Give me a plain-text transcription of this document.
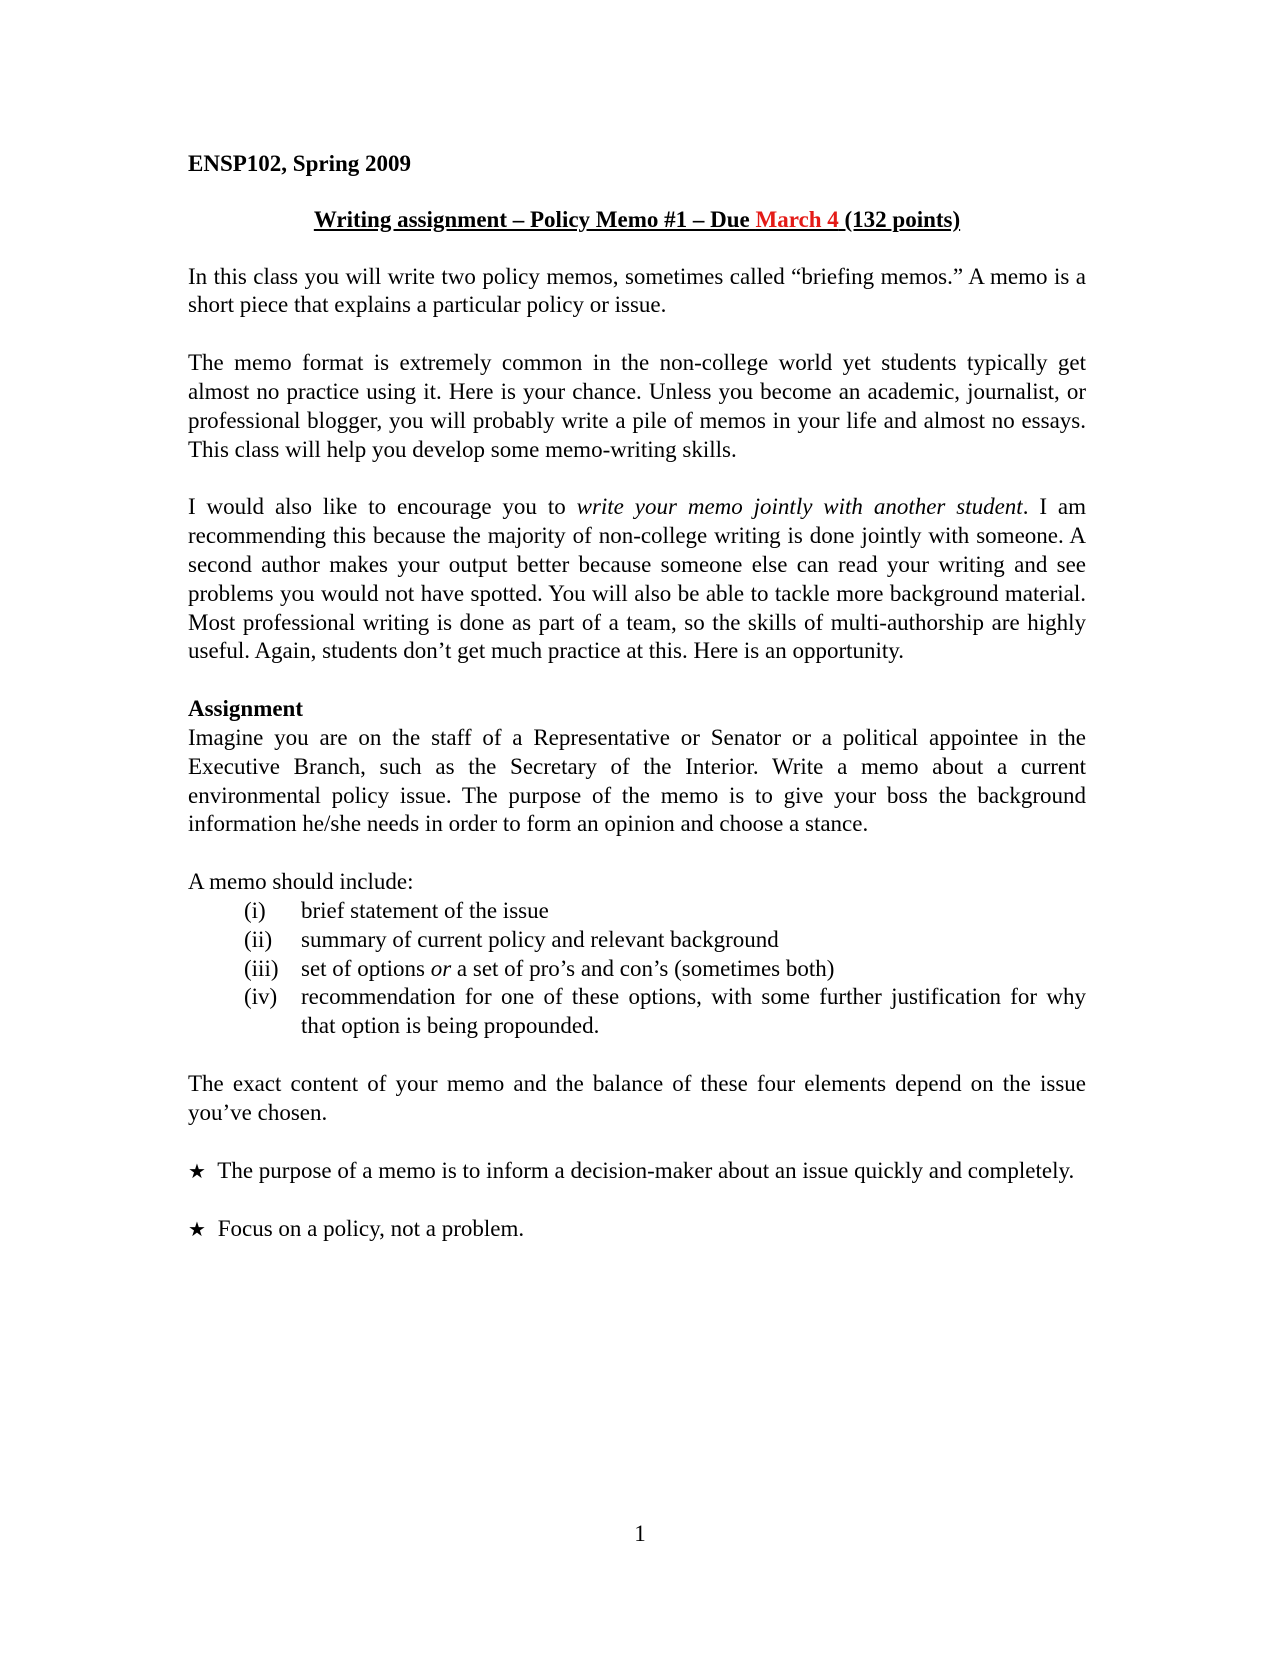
ENSP102, Spring 2009
Writing assignment – Policy Memo #1 – Due March 4 (132 points)

In this class you will write two policy memos, sometimes called “briefing memos.” A memo is a short piece that explains a particular policy or issue.

The memo format is extremely common in the non-college world yet students typically get almost no practice using it. Here is your chance. Unless you become an academic, journalist, or professional blogger, you will probably write a pile of memos in your life and almost no essays. This class will help you develop some memo-writing skills.

I would also like to encourage you to write your memo jointly with another student. I am recommending this because the majority of non-college writing is done jointly with someone. A second author makes your output better because someone else can read your writing and see problems you would not have spotted. You will also be able to tackle more background material. Most professional writing is done as part of a team, so the skills of multi-authorship are highly useful. Again, students don’t get much practice at this. Here is an opportunity.

Assignment

Imagine you are on the staff of a Representative or Senator or a political appointee in the Executive Branch, such as the Secretary of the Interior. Write a memo about a current environmental policy issue. The purpose of the memo is to give your boss the background information he/she needs in order to form an opinion and choose a stance.

A memo should include:
(i)	brief statement of the issue
(ii)	summary of current policy and relevant background
(iii) set of options or a set of pro’s and con’s (sometimes both)
(iv)	recommendation for one of these options, with some further justification for why that option is being propounded.

The exact content of your memo and the balance of these four elements depend on the issue you’ve chosen.

★ The purpose of a memo is to inform a decision-maker about an issue quickly and completely.

★ Focus on a policy, not a problem.

1
